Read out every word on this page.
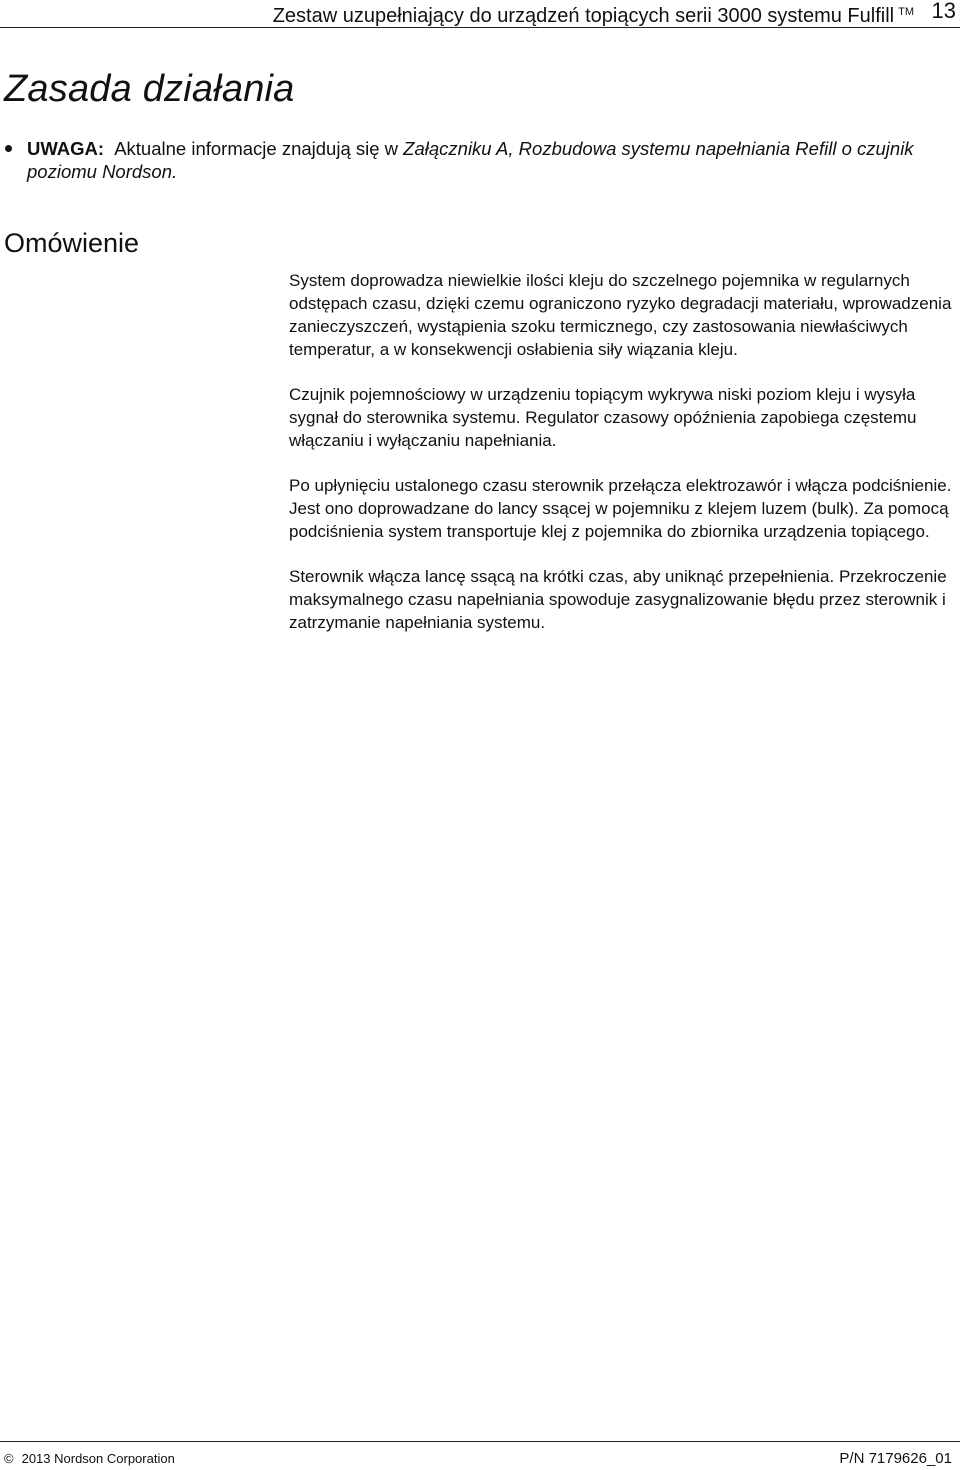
Zestaw uzupełniający do urządzeń topiących serii 3000 systemu Fulfill ™ 13
Zasada działania
UWAGA: Aktualne informacje znajdują się w Załączniku A, Rozbudowa systemu napełniania Refill o czujnik poziomu Nordson.
Omówienie

System doprowadza niewielkie ilości kleju do szczelnego pojemnika w regularnych odstępach czasu, dzięki czemu ograniczono ryzyko degradacji materiału, wprowadzenia zanieczyszczeń, wystąpienia szoku termicznego, czy zastosowania niewłaściwych temperatur, a w konsekwencji osłabienia siły wiązania kleju.

Czujnik pojemnościowy w urządzeniu topiącym wykrywa niski poziom kleju i wysyła sygnał do sterownika systemu. Regulator czasowy opóźnienia zapobiega częstemu włączaniu i wyłączaniu napełniania.

Po upłynięciu ustalonego czasu sterownik przełącza elektrozawór i włącza podciśnienie. Jest ono doprowadzane do lancy ssącej w pojemniku z klejem luzem (bulk). Za pomocą podciśnienia system transportuje klej z pojemnika do zbiornika urządzenia topiącego.

Sterownik włącza lancę ssącą na krótki czas, aby uniknąć przepełnienia. Przekroczenie maksymalnego czasu napełniania spowoduje zasygnalizowanie błędu przez sterownik i zatrzymanie napełniania systemu.

© 2013 Nordson Corporation	P/N 7179626_01
